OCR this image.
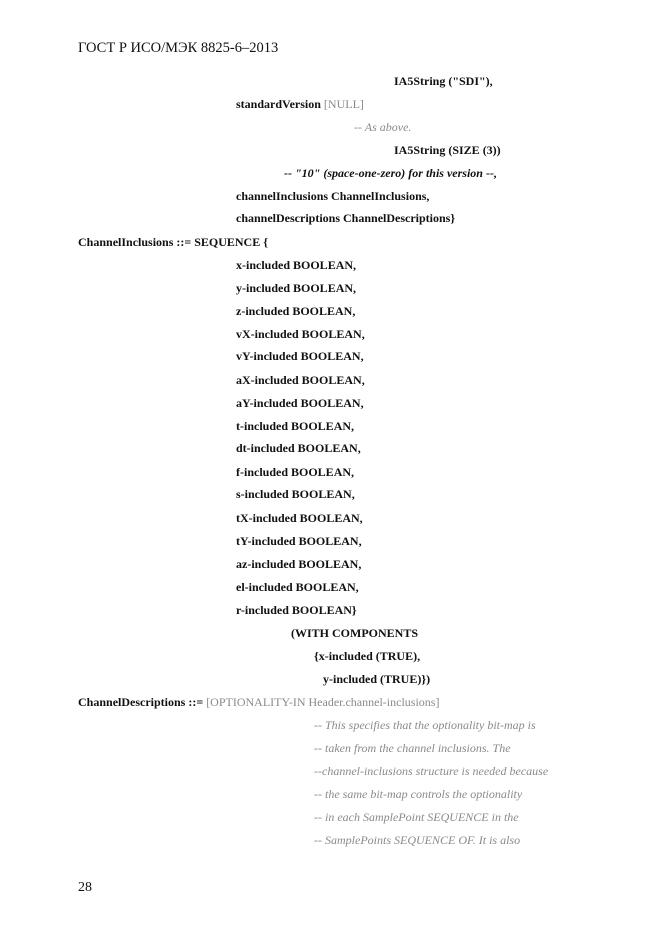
ГОСТ Р ИСО/МЭК 8825-6–2013
IA5String ("SDI"),
standardVersion [NULL]
-- As above.
IA5String (SIZE (3))
-- "10" (space-one-zero) for this version --,
channelInclusions ChannelInclusions,
channelDescriptions ChannelDescriptions}
ChannelInclusions ::= SEQUENCE {
x-included BOOLEAN,
y-included BOOLEAN,
z-included BOOLEAN,
vX-included BOOLEAN,
vY-included BOOLEAN,
aX-included BOOLEAN,
aY-included BOOLEAN,
t-included BOOLEAN,
dt-included BOOLEAN,
f-included BOOLEAN,
s-included BOOLEAN,
tX-included BOOLEAN,
tY-included BOOLEAN,
az-included BOOLEAN,
el-included BOOLEAN,
r-included BOOLEAN}
(WITH COMPONENTS
{x-included (TRUE),
y-included (TRUE)})
ChannelDescriptions ::= [OPTIONALITY-IN Header.channel-inclusions]
-- This specifies that the optionality bit-map is
-- taken from the channel inclusions. The
--channel-inclusions structure is needed because
-- the same bit-map controls the optionality
-- in each SamplePoint SEQUENCE in the
-- SamplePoints SEQUENCE OF. It is also
28
